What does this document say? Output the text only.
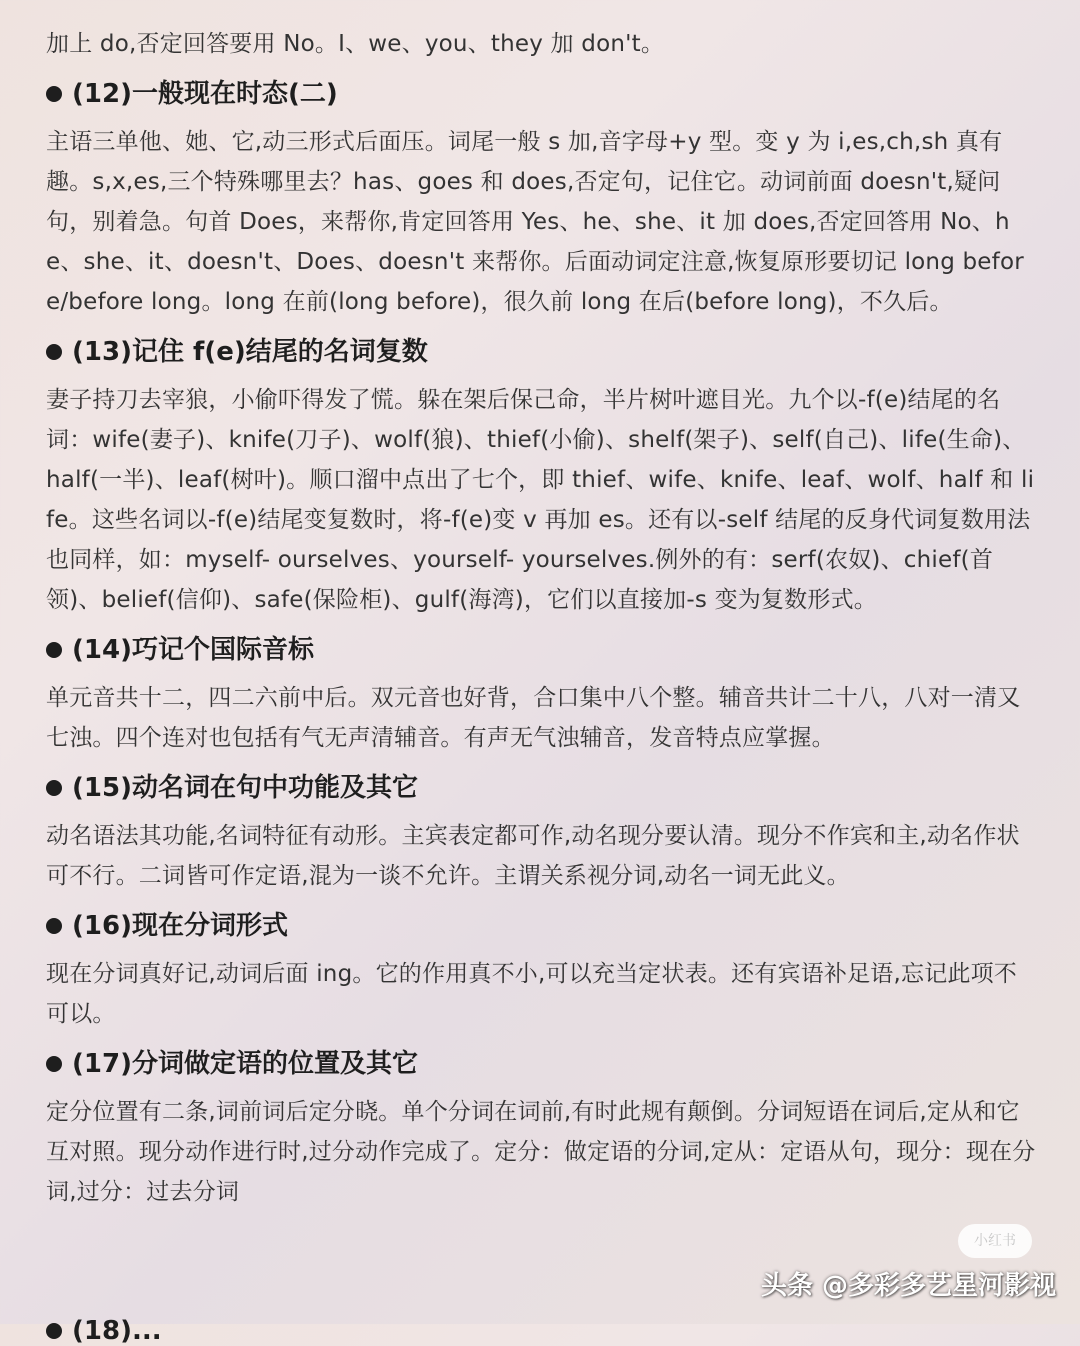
加上 do,否定回答要用 No。I、we、you、they 加 don't。

(12)一般现在时态(二)

主语三单他、她、它,动三形式后面压。词尾一般 s 加,音字母+y 型。变 y 为 i,es,ch,sh 真有趣。s,x,es,三个特殊哪里去？has、goes 和 does,否定句，记住它。动词前面 doesn't,疑问句，别着急。句首 Does，来帮你,肯定回答用 Yes、he、she、it 加 does,否定回答用 No、he、she、it、doesn't、Does、doesn't 来帮你。后面动词定注意,恢复原形要切记 long before/before long。long 在前(long before)，很久前 long 在后(before long)，不久后。

(13)记住 f(e)结尾的名词复数

妻子持刀去宰狼，小偷吓得发了慌。躲在架后保己命，半片树叶遮目光。九个以-f(e)结尾的名词：wife(妻子)、knife(刀子)、wolf(狼)、thief(小偷)、shelf(架子)、self(自己)、life(生命)、half(一半)、leaf(树叶)。顺口溜中点出了七个，即 thief、wife、knife、leaf、wolf、half 和 life。这些名词以-f(e)结尾变复数时，将-f(e)变 v 再加 es。还有以-self 结尾的反身代词复数用法也同样，如：myself- ourselves、yourself- yourselves.例外的有：serf(农奴)、chief(首领)、belief(信仰)、safe(保险柜)、gulf(海湾)，它们以直接加-s 变为复数形式。

(14)巧记个国际音标

单元音共十二，四二六前中后。双元音也好背，合口集中八个整。辅音共计二十八，八对一清又七浊。四个连对也包括有气无声清辅音。有声无气浊辅音，发音特点应掌握。

(15)动名词在句中功能及其它

动名语法其功能,名词特征有动形。主宾表定都可作,动名现分要认清。现分不作宾和主,动名作状可不行。二词皆可作定语,混为一谈不允许。主谓关系视分词,动名一词无此义。

(16)现在分词形式

现在分词真好记,动词后面 ing。它的作用真不小,可以充当定状表。还有宾语补足语,忘记此项不可以。

(17)分词做定语的位置及其它

定分位置有二条,词前词后定分晓。单个分词在词前,有时此规有颠倒。分词短语在词后,定从和它互对照。现分动作进行时,过分动作完成了。定分：做定语的分词,定从：定语从句，现分：现在分词,过分：过去分词

(18)...
小红书
头条 @多彩多艺星河影视
